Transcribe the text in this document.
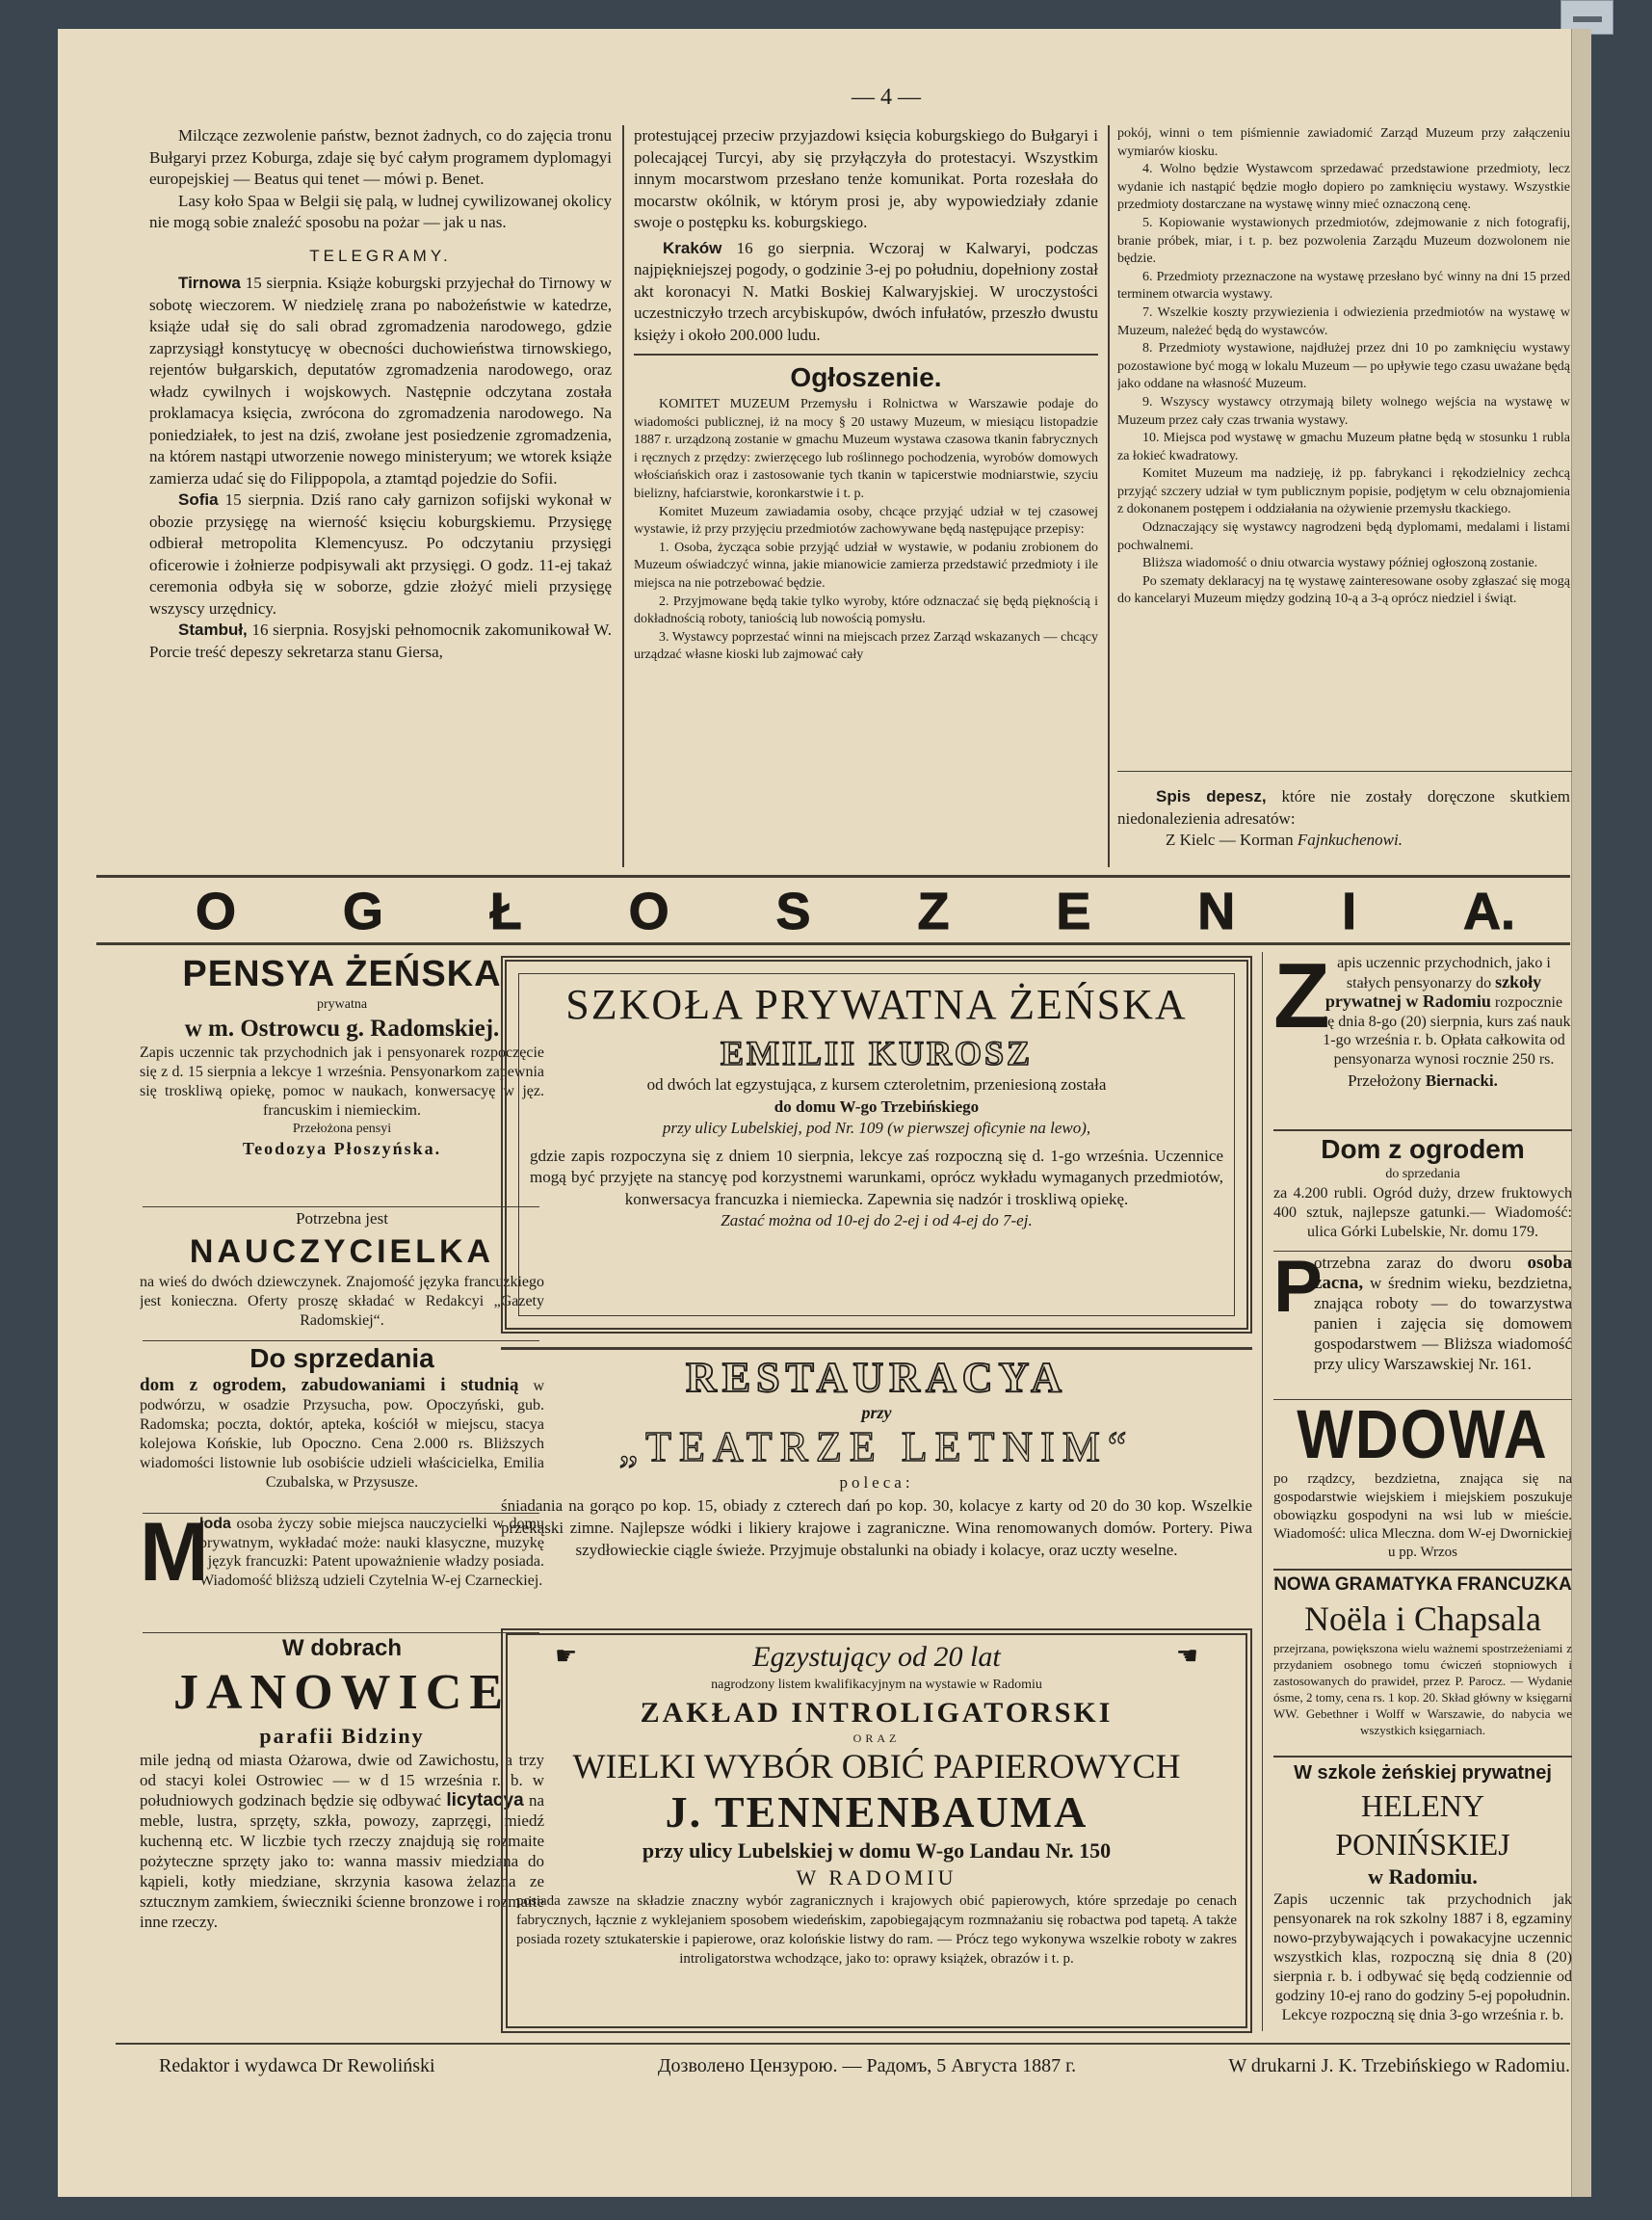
— 4 —

Milczące zezwolenie państw, beznot żadnych, co do zajęcia tronu Bułgaryi przez Koburga, zdaje się być całym programem dyplomagyi europejskiej — Beatus qui tenet — mówi p. Benet.

Lasy koło Spaa w Belgii się palą, w ludnej cywilizowanej okolicy nie mogą sobie znaleźć sposobu na pożar — jak u nas.

TELEGRAMY.

Tirnowa 15 sierpnia. Książe koburgski przyjechał do Tirnowy w sobotę wieczorem. W niedzielę zrana po nabożeństwie w katedrze, książe udał się do sali obrad zgromadzenia narodowego, gdzie zaprzysiągł konstytucyę w obecności duchowieństwa tirnowskiego, rejentów bułgarskich, deputatów zgromadzenia narodowego, oraz władz cywilnych i wojskowych. Następnie odczytana została proklamacya księcia, zwrócona do zgromadzenia narodowego. Na poniedziałek, to jest na dziś, zwołane jest posiedzenie zgromadzenia, na którem nastąpi utworzenie nowego ministeryum; we wtorek książe zamierza udać się do Filippopola, a ztamtąd pojedzie do Sofii.

Sofia 15 sierpnia. Dziś rano cały garnizon sofijski wykonał w obozie przysięgę na wierność księciu koburgskiemu. Przysięgę odbierał metropolita Klemencyusz. Po odczytaniu przysięgi oficerowie i żołnierze podpisywali akt przysięgi. O godz. 11-ej takaż ceremonia odbyła się w soborze, gdzie złożyć mieli przysięgę wszyscy urzędnicy.

Stambuł, 16 sierpnia. Rosyjski pełnomocnik zakomunikował W. Porcie treść depeszy sekretarza stanu Giersa,

protestującej przeciw przyjazdowi księcia koburgskiego do Bułgaryi i polecającej Turcyi, aby się przyłączyła do protestacyi. Wszystkim innym mocarstwom przesłano tenże komunikat. Porta rozesłała do mocarstw okólnik, w którym prosi je, aby wypowiedziały zdanie swoje o postępku ks. koburgskiego.

Kraków 16 go sierpnia. Wczoraj w Kalwaryi, podczas najpiękniejszej pogody, o godzinie 3-ej po południu, dopełniony został akt koronacyi N. Matki Boskiej Kalwaryjskiej. W uroczystości uczestniczyło trzech arcybiskupów, dwóch infułatów, przeszło dwustu księży i około 200.000 ludu.

Ogłoszenie.

KOMITET MUZEUM Przemysłu i Rolnictwa w Warszawie podaje do wiadomości publicznej, iż na mocy § 20 ustawy Muzeum, w miesiącu listopadzie 1887 r. urządzoną zostanie w gmachu Muzeum wystawa czasowa tkanin fabrycznych i ręcznych z przędzy: zwierzęcego lub roślinnego pochodzenia, wyrobów domowych włościańskich oraz i zastosowanie tych tkanin w tapicerstwie modniarstwie, szyciu bielizny, hafciarstwie, koronkarstwie i t. p.

Komitet Muzeum zawiadamia osoby, chcące przyjąć udział w tej czasowej wystawie, iż przy przyjęciu przedmiotów zachowywane będą następujące przepisy:

1. Osoba, życząca sobie przyjąć udział w wystawie, w podaniu zrobionem do Muzeum oświadczyć winna, jakie mianowicie zamierza przedstawić przedmioty i ile miejsca na nie potrzebować będzie.

2. Przyjmowane będą takie tylko wyroby, które odznaczać się będą pięknością i dokładnością roboty, taniością lub nowością pomysłu.

3. Wystawcy poprzestać winni na miejscach przez Zarząd wskazanych — chcący urządzać własne kioski lub zajmować cały

pokój, winni o tem piśmiennie zawiadomić Zarząd Muzeum przy załączeniu wymiarów kiosku.

4. Wolno będzie Wystawcom sprzedawać przedstawione przedmioty, lecz wydanie ich nastąpić będzie mogło dopiero po zamknięciu wystawy. Wszystkie przedmioty dostarczane na wystawę winny mieć oznaczoną cenę.

5. Kopiowanie wystawionych przedmiotów, zdejmowanie z nich fotografij, branie próbek, miar, i t. p. bez pozwolenia Zarządu Muzeum dozwolonem nie będzie.

6. Przedmioty przeznaczone na wystawę przesłano być winny na dni 15 przed terminem otwarcia wystawy.

7. Wszelkie koszty przywiezienia i odwiezienia przedmiotów na wystawę w Muzeum, należeć będą do wystawców.

8. Przedmioty wystawione, najdłużej przez dni 10 po zamknięciu wystawy pozostawione być mogą w lokalu Muzeum — po upływie tego czasu uważane będą jako oddane na własność Muzeum.

9. Wszyscy wystawcy otrzymają bilety wolnego wejścia na wystawę w Muzeum przez cały czas trwania wystawy.

10. Miejsca pod wystawę w gmachu Muzeum płatne będą w stosunku 1 rubla za łokieć kwadratowy.

Komitet Muzeum ma nadzieję, iż pp. fabrykanci i rękodzielnicy zechcą przyjąć szczery udział w tym publicznym popisie, podjętym w celu obznajomienia z dokonanem postępem i oddziałania na ożywienie przemysłu tkackiego.

Odznaczający się wystawcy nagrodzeni będą dyplomami, medalami i listami pochwalnemi.

Bliższa wiadomość o dniu otwarcia wystawy później ogłoszoną zostanie.

Po szematy deklaracyj na tę wystawę zainteresowane osoby zgłaszać się mogą do kancelaryi Muzeum między godziną 10-ą a 3-ą oprócz niedziel i świąt.

Spis depesz, które nie zostały doręczone skutkiem niedonalezienia adresatów:

Z Kielc — Korman Fajnkuchenowi.

O G Ł O S Z E N I A.
PENSYA ŻEŃSKA
prywatna
w m. Ostrowcu g. Radomskiej.
Zapis uczennic tak przychodnich jak i pensyonarek rozpoczęcie się z d. 15 sierpnia a lekcye 1 września. Pensyonarkom zapewnia się troskliwą opiekę, pomoc w naukach, konwersacyę w jęz. francuskim i niemieckim.
Przełożona pensyi
Teodozya Płoszyńska.
Potrzebna jest
NAUCZYCIELKA
na wieś do dwóch dziewczynek. Znajomość języka francuzkiego jest konieczna. Oferty proszę składać w Redakcyi „Gazety Radomskiej“.
Do sprzedania
dom z ogrodem, zabudowaniami i studnią w podwórzu, w osadzie Przysucha, pow. Opoczyński, gub. Radomska; poczta, doktór, apteka, kościół w miejscu, stacya kolejowa Końskie, lub Opoczno. Cena 2.000 rs. Bliższych wiadomości listownie lub osobiście udzieli właścicielka, Emilia Czubalska, w Przysusze.
M
łoda osoba życzy sobie miejsca nauczycielki w domu prywatnym, wykładać może: nauki klasyczne, muzykę i język francuzki: Patent upoważnienie władzy posiada. Wiadomość bliższą udzieli Czytelnia W-ej Czarneckiej.
W dobrach
JANOWICE
parafii Bidziny
mile jedną od miasta Ożarowa, dwie od Zawichostu, a trzy od stacyi kolei Ostrowiec — w d 15 września r. b. w południowych godzinach będzie się odbywać licytacya na meble, lustra, sprzęty, szkła, powozy, zaprzęgi, miedź kuchenną etc. W liczbie tych rzeczy znajdują się rozmaite pożyteczne sprzęty jako to: wanna massiv miedziana do kąpieli, kotły miedziane, skrzynia kasowa żelazna ze sztucznym zamkiem, świeczniki ścienne bronzowe i rozmaite inne rzeczy.
SZKOŁA PRYWATNA ŻEŃSKA
EMILII KUROSZ
od dwóch lat egzystująca, z kursem czteroletnim, przeniesioną została
do domu W-go Trzebińskiego
przy ulicy Lubelskiej, pod Nr. 109 (w pierwszej oficynie na lewo),
gdzie zapis rozpoczyna się z dniem 10 sierpnia, lekcye zaś rozpoczną się d. 1-go września. Uczennice mogą być przyjęte na stancyę pod korzystnemi warunkami, oprócz wykładu wymaganych przedmiotów, konwersacya francuzka i niemiecka. Zapewnia się nadzór i troskliwą opiekę.
Zastać można od 10-ej do 2-ej i od 4-ej do 7-ej.
RESTAURACYA
przy
„TEATRZE LETNIM“
poleca:
śniadania na gorąco po kop. 15, obiady z czterech dań po kop. 30, kolacye z karty od 20 do 30 kop. Wszelkie przekąski zimne. Najlepsze wódki i likiery krajowe i zagraniczne. Wina renomowanych domów. Portery. Piwa szydłowieckie ciągle świeże. Przyjmuje obstalunki na obiady i kolacye, oraz uczty weselne.
☛	Egzystujący od 20 lat	☚
nagrodzony listem kwalifikacyjnym na wystawie w Radomiu
ZAKŁAD INTROLIGATORSKI
ORAZ
WIELKI WYBÓR OBIĆ PAPIEROWYCH
J. TENNENBAUMA
przy ulicy Lubelskiej w domu W-go Landau Nr. 150
W RADOMIU
posiada zawsze na składzie znaczny wybór zagranicznych i krajowych obić papierowych, które sprzedaje po cenach fabrycznych, łącznie z wyklejaniem sposobem wiedeńskim, zapobiegającym rozmnażaniu się robactwa pod tapetą. A także posiada rozety sztukaterskie i papierowe, oraz kolońskie listwy do ram. — Prócz tego wykonywa wszelkie roboty w zakres introligatorstwa wchodzące, jako to: oprawy książek, obrazów i t. p.
Z apis uczennic przychodnich, jako i stałych pensyonarzy do szkoły prywatnej w Radomiu rozpocznie się dnia 8-go (20) sierpnia, kurs zaś nauk 1-go września r. b. Opłata całkowita od pensyonarza wynosi rocznie 250 rs.
Przełożony Biernacki.
Dom z ogrodem
do sprzedania
za 4.200 rubli. Ogród duży, drzew fruktowych 400 sztuk, najlepsze gatunki.— Wiadomość: ulica Górki Lubelskie, Nr. domu 179.
P
otrzebna zaraz do dworu osoba zacna, w średnim wieku, bezdzietna, znająca roboty — do towarzystwa panien i zajęcia się domowem gospodarstwem — Bliższa wiadomość przy ulicy Warszawskiej Nr. 161.
WDOWA
po rządzcy, bezdzietna, znająca się na gospodarstwie wiejskiem i miejskiem poszukuje obowiązku gospodyni na wsi lub w mieście. Wiadomość: ulica Mleczna. dom W-ej Dwornickiej u pp. Wrzos
NOWA GRAMATYKA FRANCUZKA
Noëla i Chapsala
przejrzana, powiększona wielu ważnemi spostrzeżeniami z przydaniem osobnego tomu ćwiczeń stopniowych i zastosowanych do prawideł, przez P. Parocz. — Wydanie ósme, 2 tomy, cena rs. 1 kop. 20. Skład główny w księgarni WW. Gebethner i Wolff w Warszawie, do nabycia we wszystkich księgarniach.
W szkole żeńskiej prywatnej
HELENY PONIŃSKIEJ
w Radomiu.
Zapis uczennic tak przychodnich jak pensyonarek na rok szkolny 1887 i 8, egzaminy nowo-przybywających i powakacyjne uczennic wszystkich klas, rozpoczną się dnia 8 (20) sierpnia r. b. i odbywać się będą codziennie od godziny 10-ej rano do godziny 5-ej popołudnin.
Lekcye rozpoczną się dnia 3-go września r. b.
Redaktor i wydawca Dr Rewoliński	Дозволено Цензурою. — Радомъ, 5 Августа 1887 г.	W drukarni J. K. Trzebińskiego w Radomiu.
